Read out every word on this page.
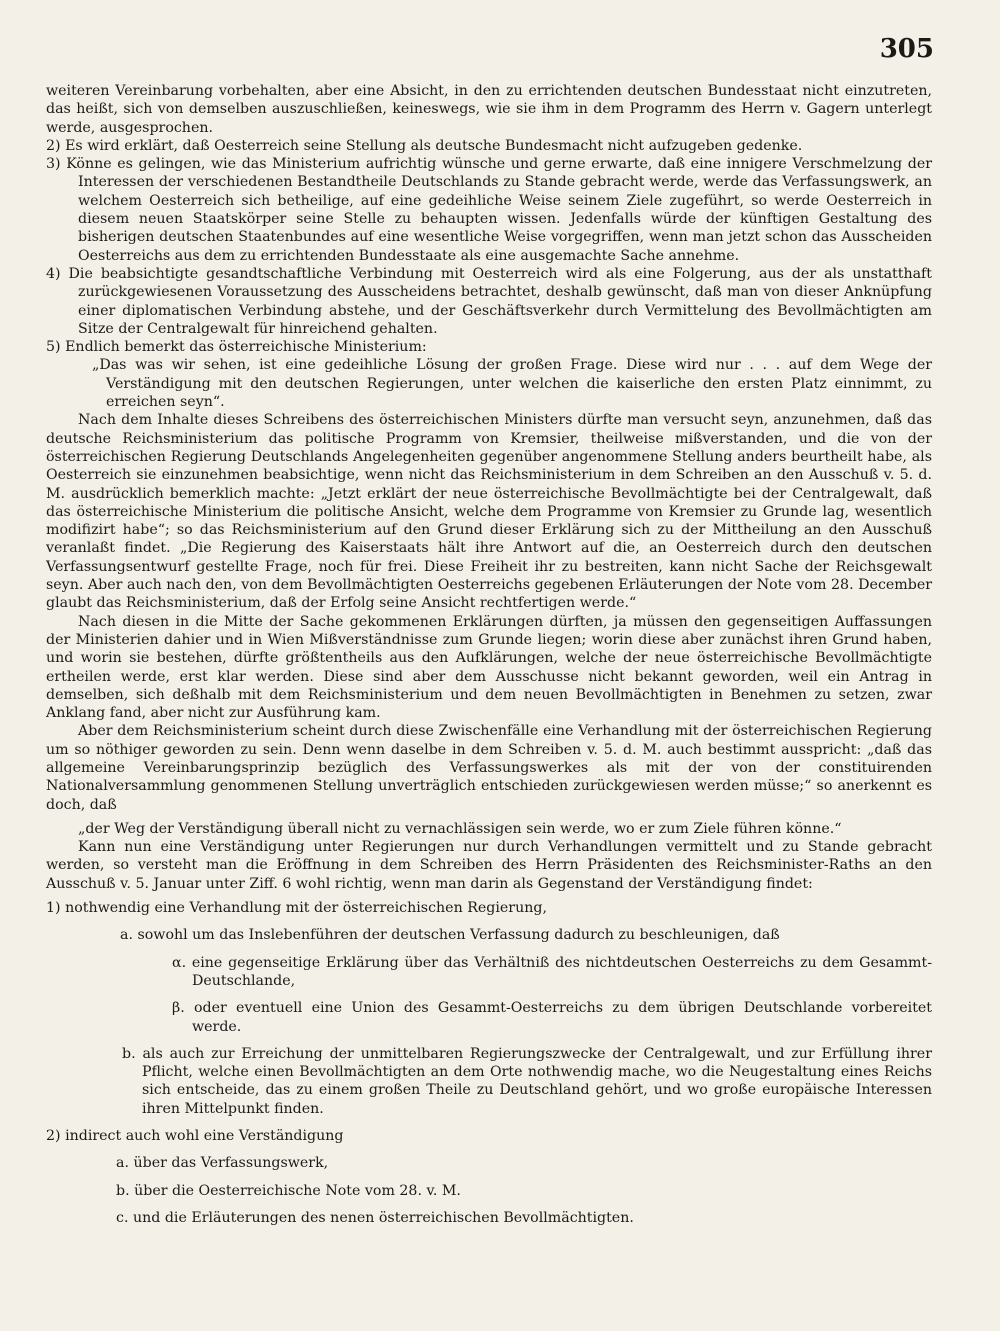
305

weiteren Vereinbarung vorbehalten, aber eine Absicht, in den zu errichtenden deutschen Bundesstaat nicht einzutreten, das heißt, sich von demselben auszuschließen, keineswegs, wie sie ihm in dem Programm des Herrn v. Gagern unterlegt werde, ausgesprochen.

2) Es wird erklärt, daß Oesterreich seine Stellung als deutsche Bundesmacht nicht aufzugeben gedenke.

3) Könne es gelingen, wie das Ministerium aufrichtig wünsche und gerne erwarte, daß eine innigere Verschmelzung der Interessen der verschiedenen Bestandtheile Deutschlands zu Stande gebracht werde, werde das Verfassungswerk, an welchem Oesterreich sich betheilige, auf eine gedeihliche Weise seinem Ziele zugeführt, so werde Oesterreich in diesem neuen Staatskörper seine Stelle zu behaupten wissen. Jedenfalls würde der künftigen Gestaltung des bisherigen deutschen Staatenbundes auf eine wesentliche Weise vorgegriffen, wenn man jetzt schon das Ausscheiden Oesterreichs aus dem zu errichtenden Bundesstaate als eine ausgemachte Sache annehme.

4) Die beabsichtigte gesandtschaftliche Verbindung mit Oesterreich wird als eine Folgerung, aus der als unstatthaft zurückgewiesenen Voraussetzung des Ausscheidens betrachtet, deshalb gewünscht, daß man von dieser Anknüpfung einer diplomatischen Verbindung abstehe, und der Geschäftsverkehr durch Vermittelung des Bevollmächtigten am Sitze der Centralgewalt für hinreichend gehalten.

5) Endlich bemerkt das österreichische Ministerium:

„Das was wir sehen, ist eine gedeihliche Lösung der großen Frage. Diese wird nur . . . auf dem Wege der Verständigung mit den deutschen Regierungen, unter welchen die kaiserliche den ersten Platz einnimmt, zu erreichen seyn“.

Nach dem Inhalte dieses Schreibens des österreichischen Ministers dürfte man versucht seyn, anzunehmen, daß das deutsche Reichsministerium das politische Programm von Kremsier, theilweise mißverstanden, und die von der österreichischen Regierung Deutschlands Angelegenheiten gegenüber angenommene Stellung anders beurtheilt habe, als Oesterreich sie einzunehmen beabsichtige, wenn nicht das Reichsministerium in dem Schreiben an den Ausschuß v. 5. d. M. ausdrücklich bemerklich machte: „Jetzt erklärt der neue österreichische Bevollmächtigte bei der Centralgewalt, daß das österreichische Ministerium die politische Ansicht, welche dem Programme von Kremsier zu Grunde lag, wesentlich modifizirt habe“; so das Reichsministerium auf den Grund dieser Erklärung sich zu der Mittheilung an den Ausschuß veranlaßt findet. „Die Regierung des Kaiserstaats hält ihre Antwort auf die, an Oesterreich durch den deutschen Verfassungsentwurf gestellte Frage, noch für frei. Diese Freiheit ihr zu bestreiten, kann nicht Sache der Reichsgewalt seyn. Aber auch nach den, von dem Bevollmächtigten Oesterreichs gegebenen Erläuterungen der Note vom 28. December glaubt das Reichsministerium, daß der Erfolg seine Ansicht rechtfertigen werde.“

Nach diesen in die Mitte der Sache gekommenen Erklärungen dürften, ja müssen den gegenseitigen Auffassungen der Ministerien dahier und in Wien Mißverständnisse zum Grunde liegen; worin diese aber zunächst ihren Grund haben, und worin sie bestehen, dürfte größtentheils aus den Aufklärungen, welche der neue österreichische Bevollmächtigte ertheilen werde, erst klar werden. Diese sind aber dem Ausschusse nicht bekannt geworden, weil ein Antrag in demselben, sich deßhalb mit dem Reichsministerium und dem neuen Bevollmächtigten in Benehmen zu setzen, zwar Anklang fand, aber nicht zur Ausführung kam.

Aber dem Reichsministerium scheint durch diese Zwischenfälle eine Verhandlung mit der österreichischen Regierung um so nöthiger geworden zu sein. Denn wenn daselbe in dem Schreiben v. 5. d. M. auch bestimmt ausspricht: „daß das allgemeine Vereinbarungsprinzip bezüglich des Verfassungswerkes als mit der von der constituirenden Nationalversammlung genommenen Stellung unverträglich entschieden zurückgewiesen werden müsse;“ so anerkennt es doch, daß

„der Weg der Verständigung überall nicht zu vernachlässigen sein werde, wo er zum Ziele führen könne.“

Kann nun eine Verständigung unter Regierungen nur durch Verhandlungen vermittelt und zu Stande gebracht werden, so versteht man die Eröffnung in dem Schreiben des Herrn Präsidenten des Reichsminister-Raths an den Ausschuß v. 5. Januar unter Ziff. 6 wohl richtig, wenn man darin als Gegenstand der Verständigung findet:

1) nothwendig eine Verhandlung mit der österreichischen Regierung,

a. sowohl um das Inslebenführen der deutschen Verfassung dadurch zu beschleunigen, daß

α. eine gegenseitige Erklärung über das Verhältniß des nichtdeutschen Oesterreichs zu dem Gesammt-Deutschlande,

β. oder eventuell eine Union des Gesammt-Oesterreichs zu dem übrigen Deutschlande vorbereitet werde.

b. als auch zur Erreichung der unmittelbaren Regierungszwecke der Centralgewalt, und zur Erfüllung ihrer Pflicht, welche einen Bevollmächtigten an dem Orte nothwendig mache, wo die Neugestaltung eines Reichs sich entscheide, das zu einem großen Theile zu Deutschland gehört, und wo große europäische Interessen ihren Mittelpunkt finden.

2) indirect auch wohl eine Verständigung

a. über das Verfassungswerk,

b. über die Oesterreichische Note vom 28. v. M.

c. und die Erläuterungen des nenen österreichischen Bevollmächtigten.
